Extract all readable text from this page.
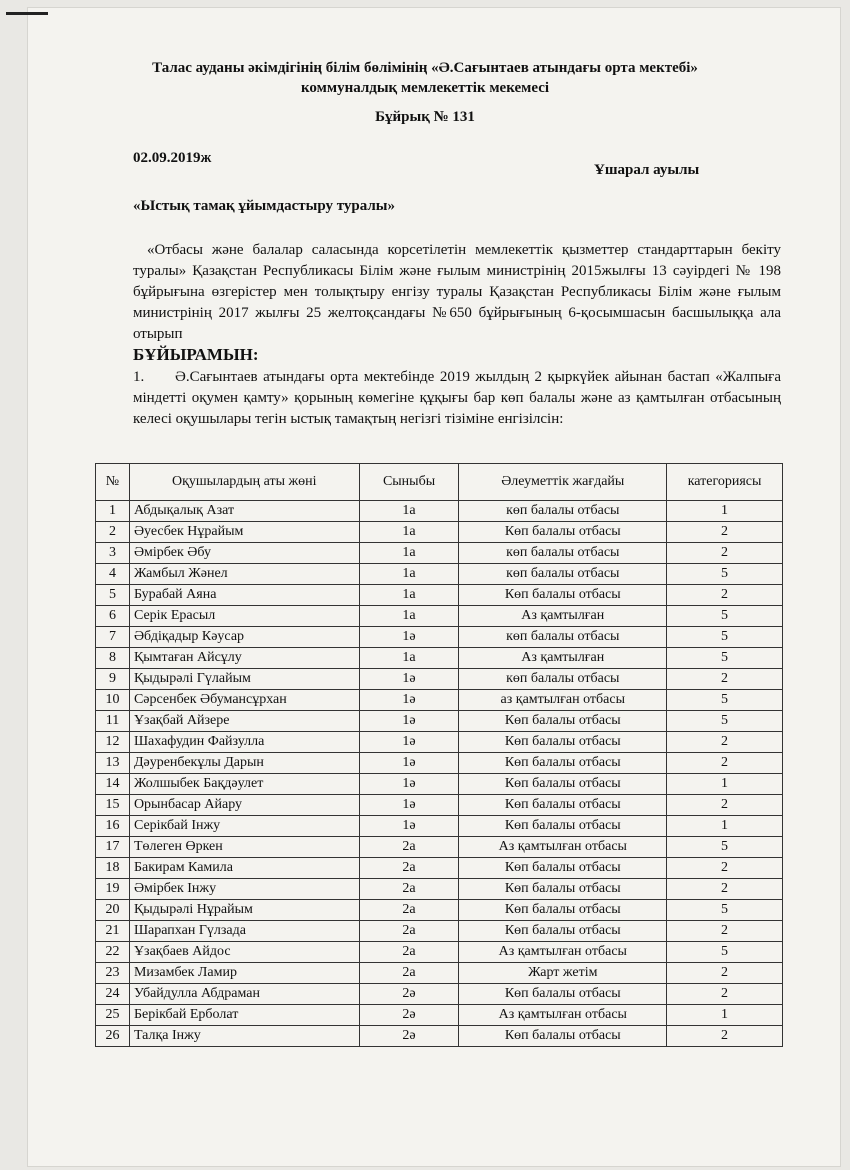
Талас ауданы әкімдігінің білім бөлімінің «Ә.Сағынтаев атындағы орта мектебі»
коммуналдық мемлекеттік мекемесі
Бұйрық № 131
02.09.2019ж
Ұшарал ауылы
«Ыстық тамақ ұйымдастыру туралы»

«Отбасы және балалар саласында корсетілетін мемлекеттік қызметтер стандарттарын бекіту туралы» Қазақстан Республикасы Білім және ғылым министрінің 2015жылғы 13 сәуірдегі № 198 бұйрығына өзгерістер мен толықтыру енгізу туралы Қазақстан Республикасы Білім және ғылым министрінің 2017 жылғы 25 желтоқсандағы №650 бұйрығының 6-қосымшасын басшылыққа ала отырып

БҰЙЫРАМЫН:

1. Ә.Сағынтаев атындағы орта мектебінде 2019 жылдың 2 қыркүйек айынан бастап «Жалпыға міндетті оқумен қамту» қорының көмегіне құқығы бар көп балалы және аз қамтылған отбасының келесі оқушылары тегін ыстық тамақтың негізгі тізіміне енгізілсін:

№	Оқушылардың аты жөні	Сыныбы	Әлеуметтік жағдайы	категориясы
1	Абдықалық Азат	1а	көп балалы отбасы	1
2	Әуесбек Нұрайым	1а	Көп балалы отбасы	2
3	Әмірбек Әбу	1а	көп балалы отбасы	2
4	Жамбыл Жәнел	1а	көп балалы отбасы	5
5	Бурабай Аяна	1а	Көп балалы отбасы	2
6	Серік Ерасыл	1а	Аз қамтылған	5
7	Әбдіқадыр Кәусар	1ә	көп балалы отбасы	5
8	Қымтаған Айсұлу	1а	Аз қамтылған	5
9	Қыдырәлі Гүлайым	1ә	көп балалы отбасы	2
10	Сәрсенбек Әбумансұрхан	1ә	аз қамтылған отбасы	5
11	Ұзақбай Айзере	1ә	Көп балалы отбасы	5
12	Шахафудин Файзулла	1ә	Көп балалы отбасы	2
13	Дәуренбекұлы Дарын	1ә	Көп балалы отбасы	2
14	Жолшыбек Бақдәулет	1ә	Көп балалы отбасы	1
15	Орынбасар Айару	1ә	Көп балалы отбасы	2
16	Серікбай Інжу	1ә	Көп балалы отбасы	1
17	Төлеген Өркен	2а	Аз қамтылған отбасы	5
18	Бакирам Камила	2а	Көп балалы отбасы	2
19	Әмірбек Інжу	2а	Көп балалы отбасы	2
20	Қыдырәлі Нұрайым	2а	Көп балалы отбасы	5
21	Шарапхан Гүлзада	2а	Көп балалы отбасы	2
22	Ұзақбаев Айдос	2а	Аз қамтылған отбасы	5
23	Мизамбек Ламир	2а	Жарт жетім	2
24	Убайдулла Абдраман	2ә	Көп балалы отбасы	2
25	Берікбай Ерболат	2ә	Аз қамтылған отбасы	1
26	Талқа Інжу	2ә	Көп балалы отбасы	2
